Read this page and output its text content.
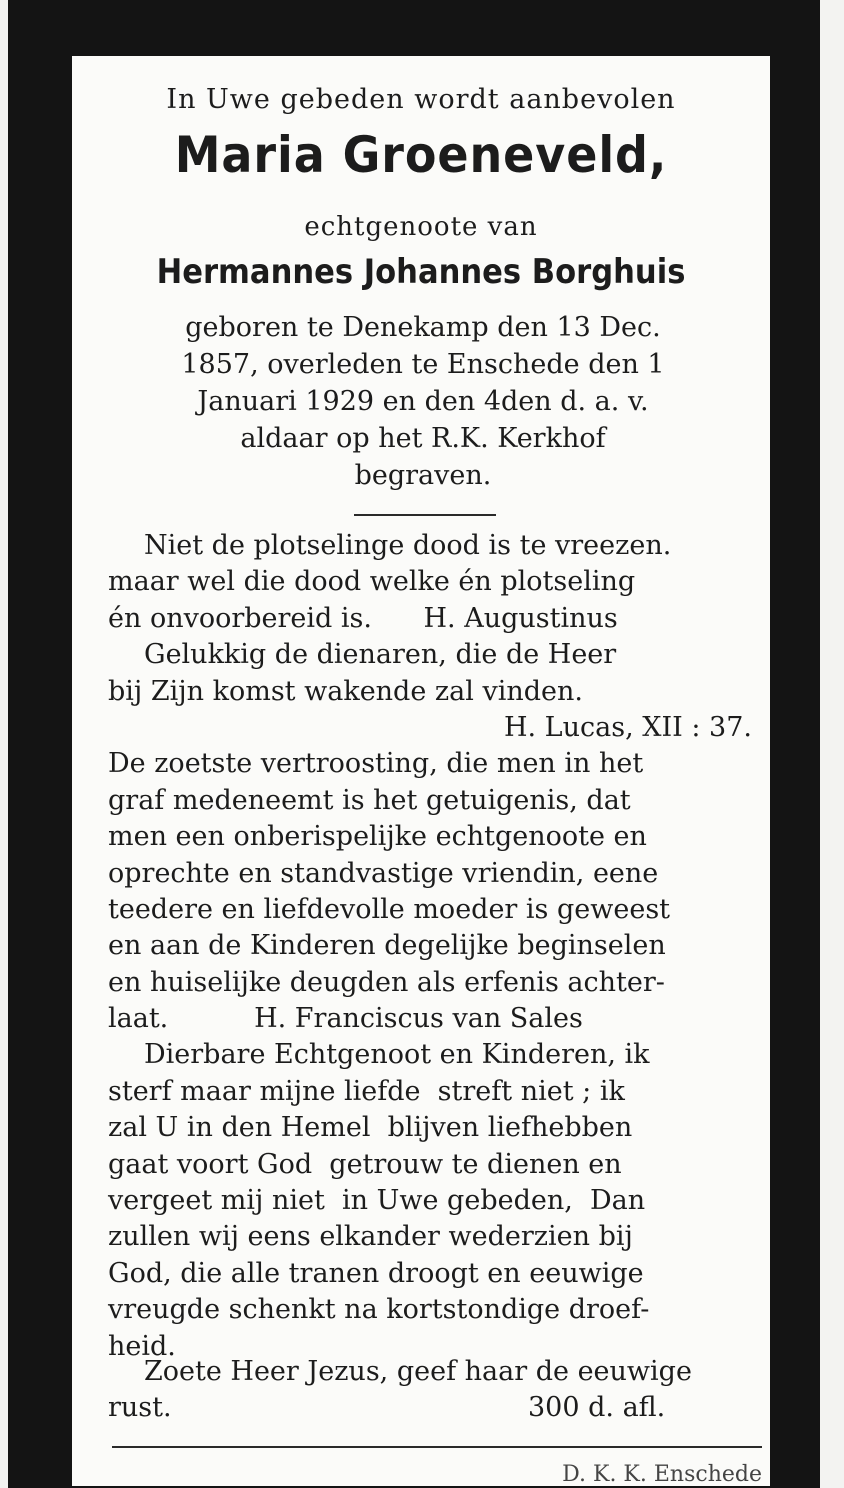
In Uwe gebeden wordt aanbevolen
Maria Groeneveld,
echtgenoote van
Hermannes Johannes Borghuis
geboren te Denekamp den 13 Dec.
1857, overleden te Enschede den 1
Januari 1929 en den 4den d. a. v.
aldaar op het R.K. Kerkhof
begraven.
Niet de plotselinge dood is te vreezen.
maar wel die dood welke én plotseling
én onvoorbereid is.      H. Augustinus
Gelukkig de dienaren, die de Heer
bij Zijn komst wakende zal vinden.
H. Lucas, XII : 37.
De zoetste vertroosting, die men in het
graf medeneemt is het getuigenis, dat
men een onberispelijke echtgenoote en
oprechte en standvastige vriendin, eene
teedere en liefdevolle moeder is geweest
en aan de Kinderen degelijke beginselen
en huiselijke deugden als erfenis achter-
laat.          H. Franciscus van Sales
Dierbare Echtgenoot en Kinderen, ik
sterf maar mijne liefde  streft niet ; ik
zal U in den Hemel  blijven liefhebben
gaat voort God  getrouw te dienen en
vergeet mij niet  in Uwe gebeden,  Dan
zullen wij eens elkander wederzien bij
God, die alle tranen droogt en eeuwige
vreugde schenkt na kortstondige droef-
heid.
Zoete Heer Jezus, geef haar de eeuwige
rust.	300 d. afl.
D. K. K. Enschede
